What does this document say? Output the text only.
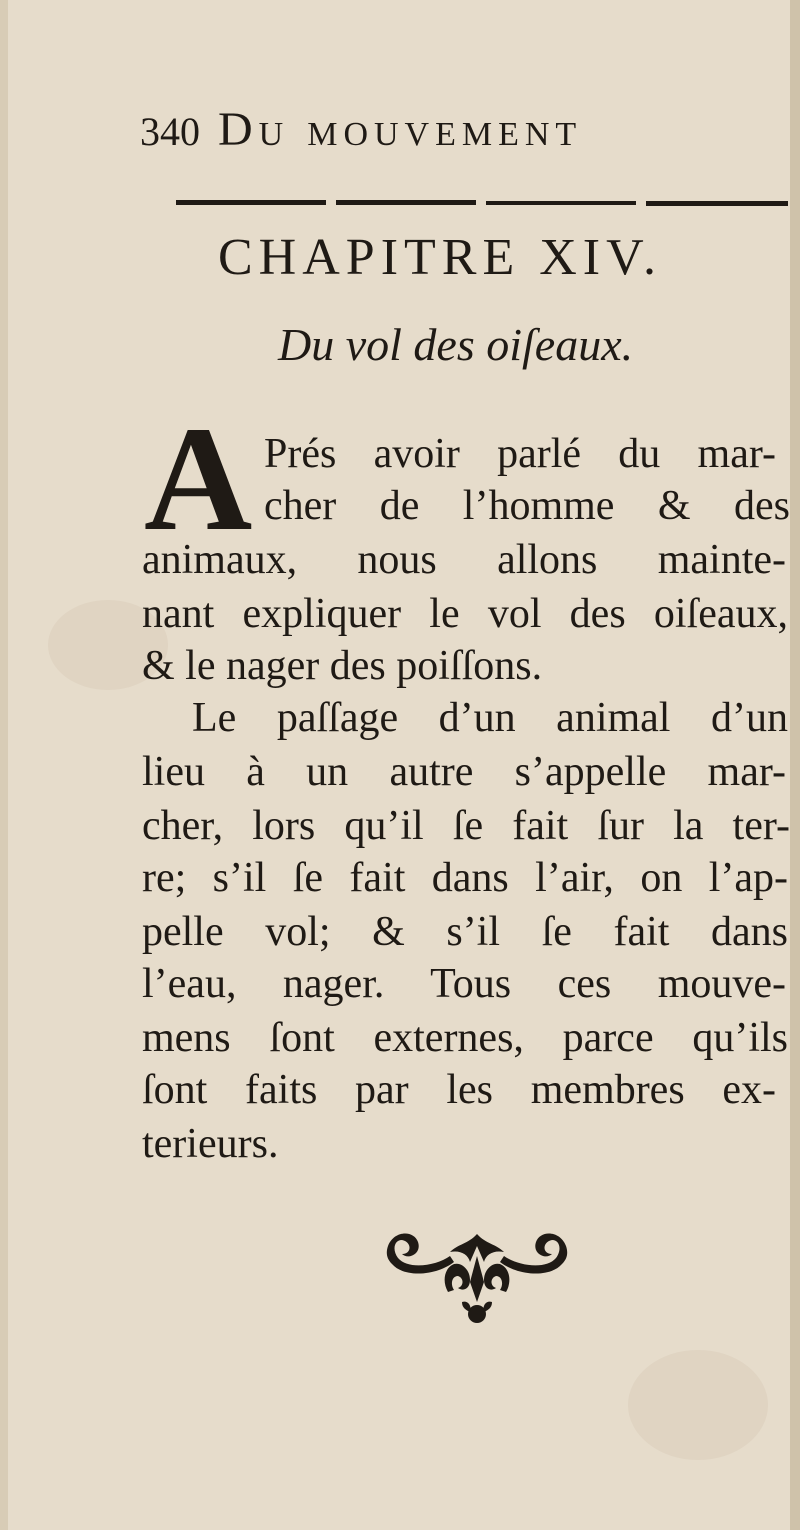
340 Du mouvement
CHAPITRE XIV.
Du vol des oiſeaux.
A Prés avoir parlé du mar-
cher de l’homme & des
animaux, nous allons mainte-
nant expliquer le vol des oiſeaux,
& le nager des poiſſons.
Le paſſage d’un animal d’un
lieu à un autre s’appelle mar-
cher, lors qu’il ſe fait ſur la ter-
re; s’il ſe fait dans l’air, on l’ap-
pelle vol; & s’il ſe fait dans
l’eau, nager. Tous ces mouve-
mens ſont externes, parce qu’ils
ſont faits par les membres ex-
terieurs.
